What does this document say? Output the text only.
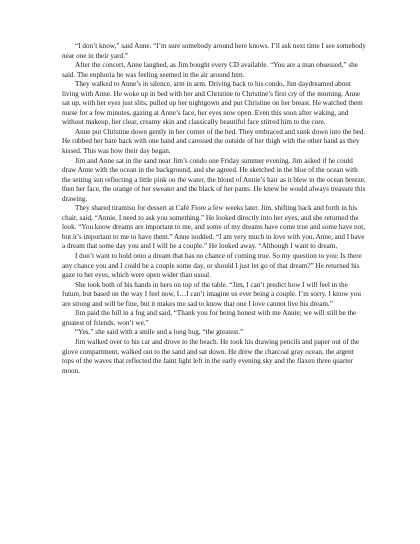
“I don’t know,” said Anne. “I’m sure somebody around here knows. I’ll ask next time I see somebody near one in their yard.”

After the concert, Anne laughed, as Jim bought every CD available. “You are a man obsessed,” she said. The euphoria he was feeling seemed in the air around him.

They walked to Anne’s in silence, arm in arm. Driving back to his condo, Jim daydreamed about living with Anne. He woke up in bed with her and Christine to Christine’s first cry of the morning. Anne sat up, with her eyes just slits, pulled up her nightgown and put Christine on her breast. He watched them nurse for a few minutes, gazing at Anne’s face, her eyes now open. Even this soon after waking, and without makeup, her clear, creamy skin and classically beautiful face stirred him to the core.

Anne put Christine down gently in her corner of the bed. They embraced and sunk down into the bed. He rubbed her bare back with one hand and caressed the outside of her thigh with the other hand as they kissed. This was how their day began.

Jim and Anne sat in the sand near Jim’s condo one Friday summer evening. Jim asked if he could draw Anne with the ocean in the background, and she agreed. He sketched in the blue of the ocean with the setting sun reflecting a little pink on the water, the blond of Annie’s hair as it blew in the ocean breeze, then her face, the orange of her sweater and the black of her pants. He knew he would always treasure this drawing.

They shared tiramisu for dessert at Café Fiore a few weeks later. Jim, shifting back and forth in his chair, said, “Annie, I need to ask you something.” He looked directly into her eyes, and she returned the look. “You know dreams are important to me, and some of my dreams have come true and some have not, but it’s important to me to have them.” Anne nodded. “I am very much in love with you, Anne, and I have a dream that some day you and I will be a couple.” He looked away. “Although I want to dream,

I don’t want to hold onto a dream that has no chance of coming true. So my question to you: Is there any chance you and I could be a couple some day, or should I just let go of that dream?” He returned his gaze to her eyes, which were open wider than usual.

She took both of his hands in hers on top of the table. “Jim, I can’t predict how I will feel in the future, but based on the way I feel now, I…I can’t imagine us ever being a couple. I’m sorry. I know you are strong and will be fine, but it makes me sad to know that one I love cannot live his dream.”

Jim paid the bill in a fog and said, “Thank you for being honest with me Annie; we will still be the greatest of friends, won’t we.”

“Yes,” she said with a smile and a long hug, “the greatest.”

Jim walked over to his car and drove to the beach. He took his drawing pencils and paper out of the glove compartment, walked out to the sand and sat down. He drew the charcoal gray ocean, the argent tops of the waves that reflected the faint light left in the early evening sky and the flaxen three quarter moon.
